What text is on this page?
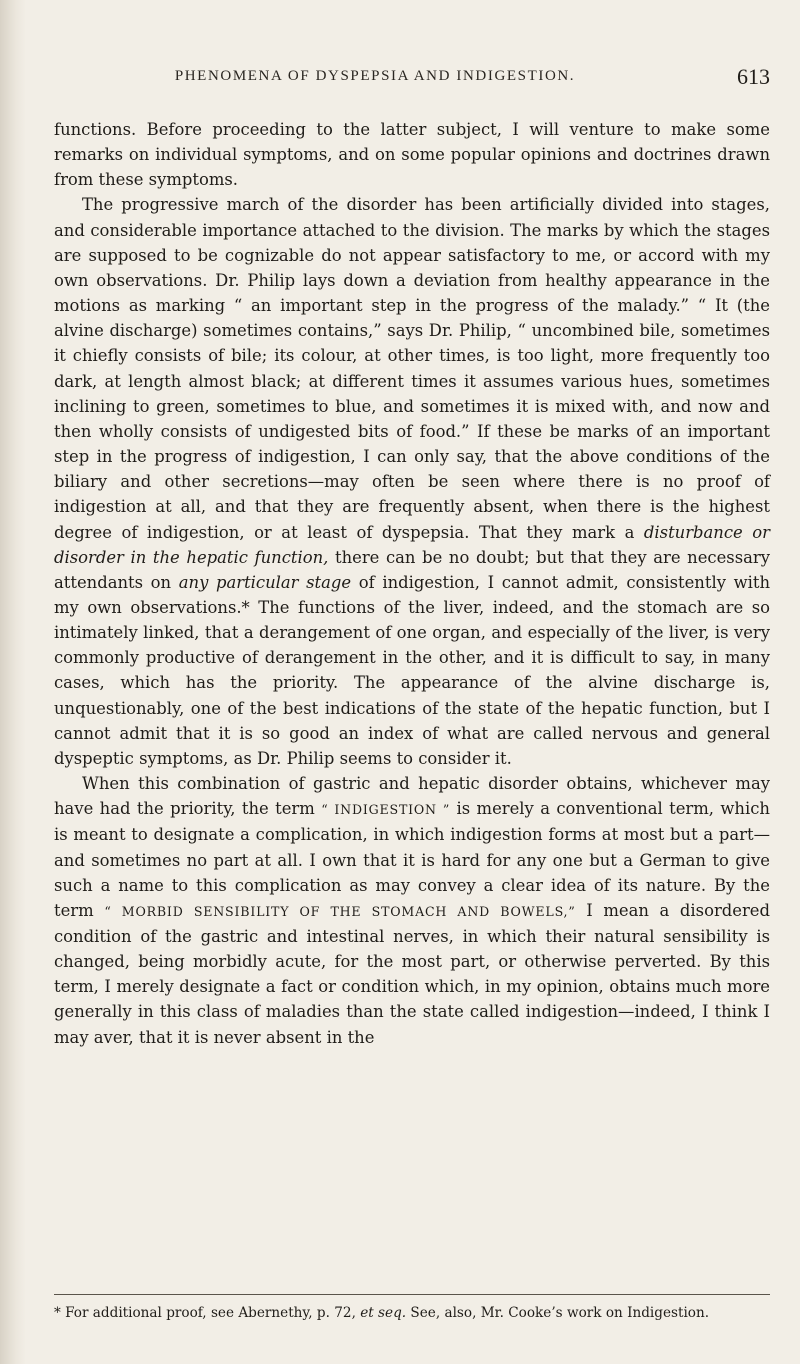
PHENOMENA OF DYSPEPSIA AND INDIGESTION.	613

functions. Before proceeding to the latter subject, I will venture to make some remarks on individual symptoms, and on some popular opinions and doctrines drawn from these symptoms.

The progressive march of the disorder has been artificially divided into stages, and considerable importance attached to the division. The marks by which the stages are supposed to be cognizable do not appear satisfactory to me, or accord with my own observations. Dr. Philip lays down a deviation from healthy appearance in the motions as marking “ an important step in the progress of the malady.” “ It (the alvine discharge) sometimes contains,” says Dr. Philip, “ uncombined bile, sometimes it chiefly consists of bile; its colour, at other times, is too light, more frequently too dark, at length almost black; at different times it assumes various hues, sometimes inclining to green, sometimes to blue, and sometimes it is mixed with, and now and then wholly consists of undigested bits of food.” If these be marks of an important step in the progress of indigestion, I can only say, that the above conditions of the biliary and other secretions—may often be seen where there is no proof of indigestion at all, and that they are frequently absent, when there is the highest degree of indigestion, or at least of dyspepsia. That they mark a disturbance or disorder in the hepatic function, there can be no doubt; but that they are necessary attendants on any particular stage of indigestion, I cannot admit, consistently with my own observations.* The functions of the liver, indeed, and the stomach are so intimately linked, that a derangement of one organ, and especially of the liver, is very commonly productive of derangement in the other, and it is difficult to say, in many cases, which has the priority. The appearance of the alvine discharge is, unquestionably, one of the best indications of the state of the hepatic function, but I cannot admit that it is so good an index of what are called nervous and general dyspeptic symptoms, as Dr. Philip seems to consider it.

When this combination of gastric and hepatic disorder obtains, whichever may have had the priority, the term “ INDIGESTION ” is merely a conventional term, which is meant to designate a complication, in which indigestion forms at most but a part—and sometimes no part at all. I own that it is hard for any one but a German to give such a name to this complication as may convey a clear idea of its nature. By the term “ MORBID SENSIBILITY OF THE STOMACH AND BOWELS,” I mean a disordered condition of the gastric and intestinal nerves, in which their natural sensibility is changed, being morbidly acute, for the most part, or otherwise perverted. By this term, I merely designate a fact or condition which, in my opinion, obtains much more generally in this class of maladies than the state called indigestion—indeed, I think I may aver, that it is never absent in the

* For additional proof, see Abernethy, p. 72, et seq. See, also, Mr. Cooke’s work on Indigestion.
